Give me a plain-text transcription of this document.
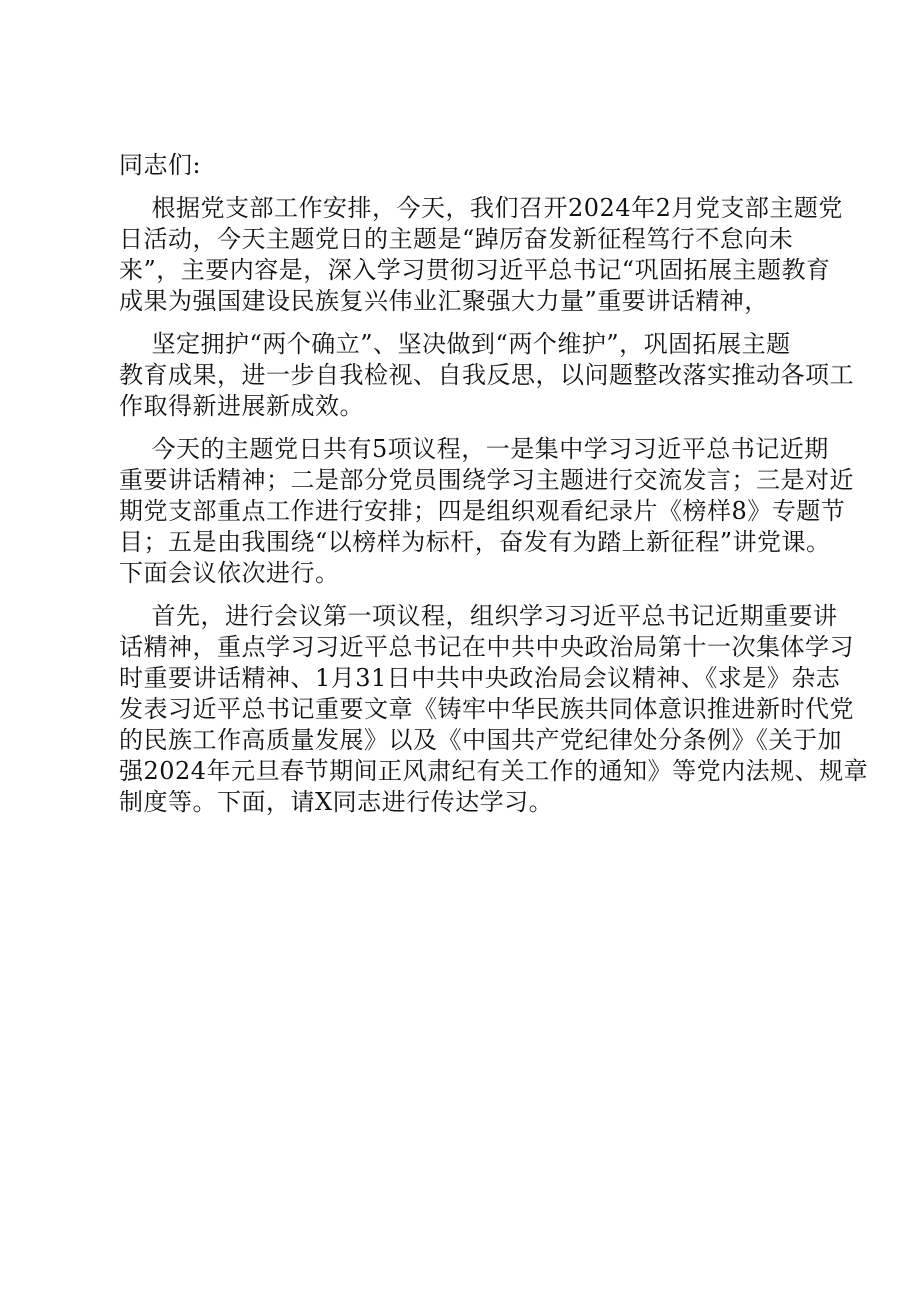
同志们:
根据党支部工作安排，今天，我们召开2024年2月党支部主题党
日活动，今天主题党日的主题是“踔厉奋发新征程笃行不怠向未
来”，主要内容是，深入学习贯彻习近平总书记“巩固拓展主题教育
成果为强国建设民族复兴伟业汇聚强大力量”重要讲话精神，
坚定拥护“两个确立”、坚决做到“两个维护”，巩固拓展主题
教育成果，进一步自我检视、自我反思，以问题整改落实推动各项工
作取得新进展新成效。
今天的主题党日共有5项议程，一是集中学习习近平总书记近期
重要讲话精神；二是部分党员围绕学习主题进行交流发言；三是对近
期党支部重点工作进行安排；四是组织观看纪录片《榜样8》专题节
目；五是由我围绕“以榜样为标杆，奋发有为踏上新征程”讲党课。
下面会议依次进行。
首先，进行会议第一项议程，组织学习习近平总书记近期重要讲
话精神，重点学习习近平总书记在中共中央政治局第十一次集体学习
时重要讲话精神、1月31日中共中央政治局会议精神、《求是》杂志
发表习近平总书记重要文章《铸牢中华民族共同体意识推进新时代党
的民族工作高质量发展》以及《中国共产党纪律处分条例》《关于加
强2024年元旦春节期间正风肃纪有关工作的通知》等党内法规、规章
制度等。下面，请X同志进行传达学习。
